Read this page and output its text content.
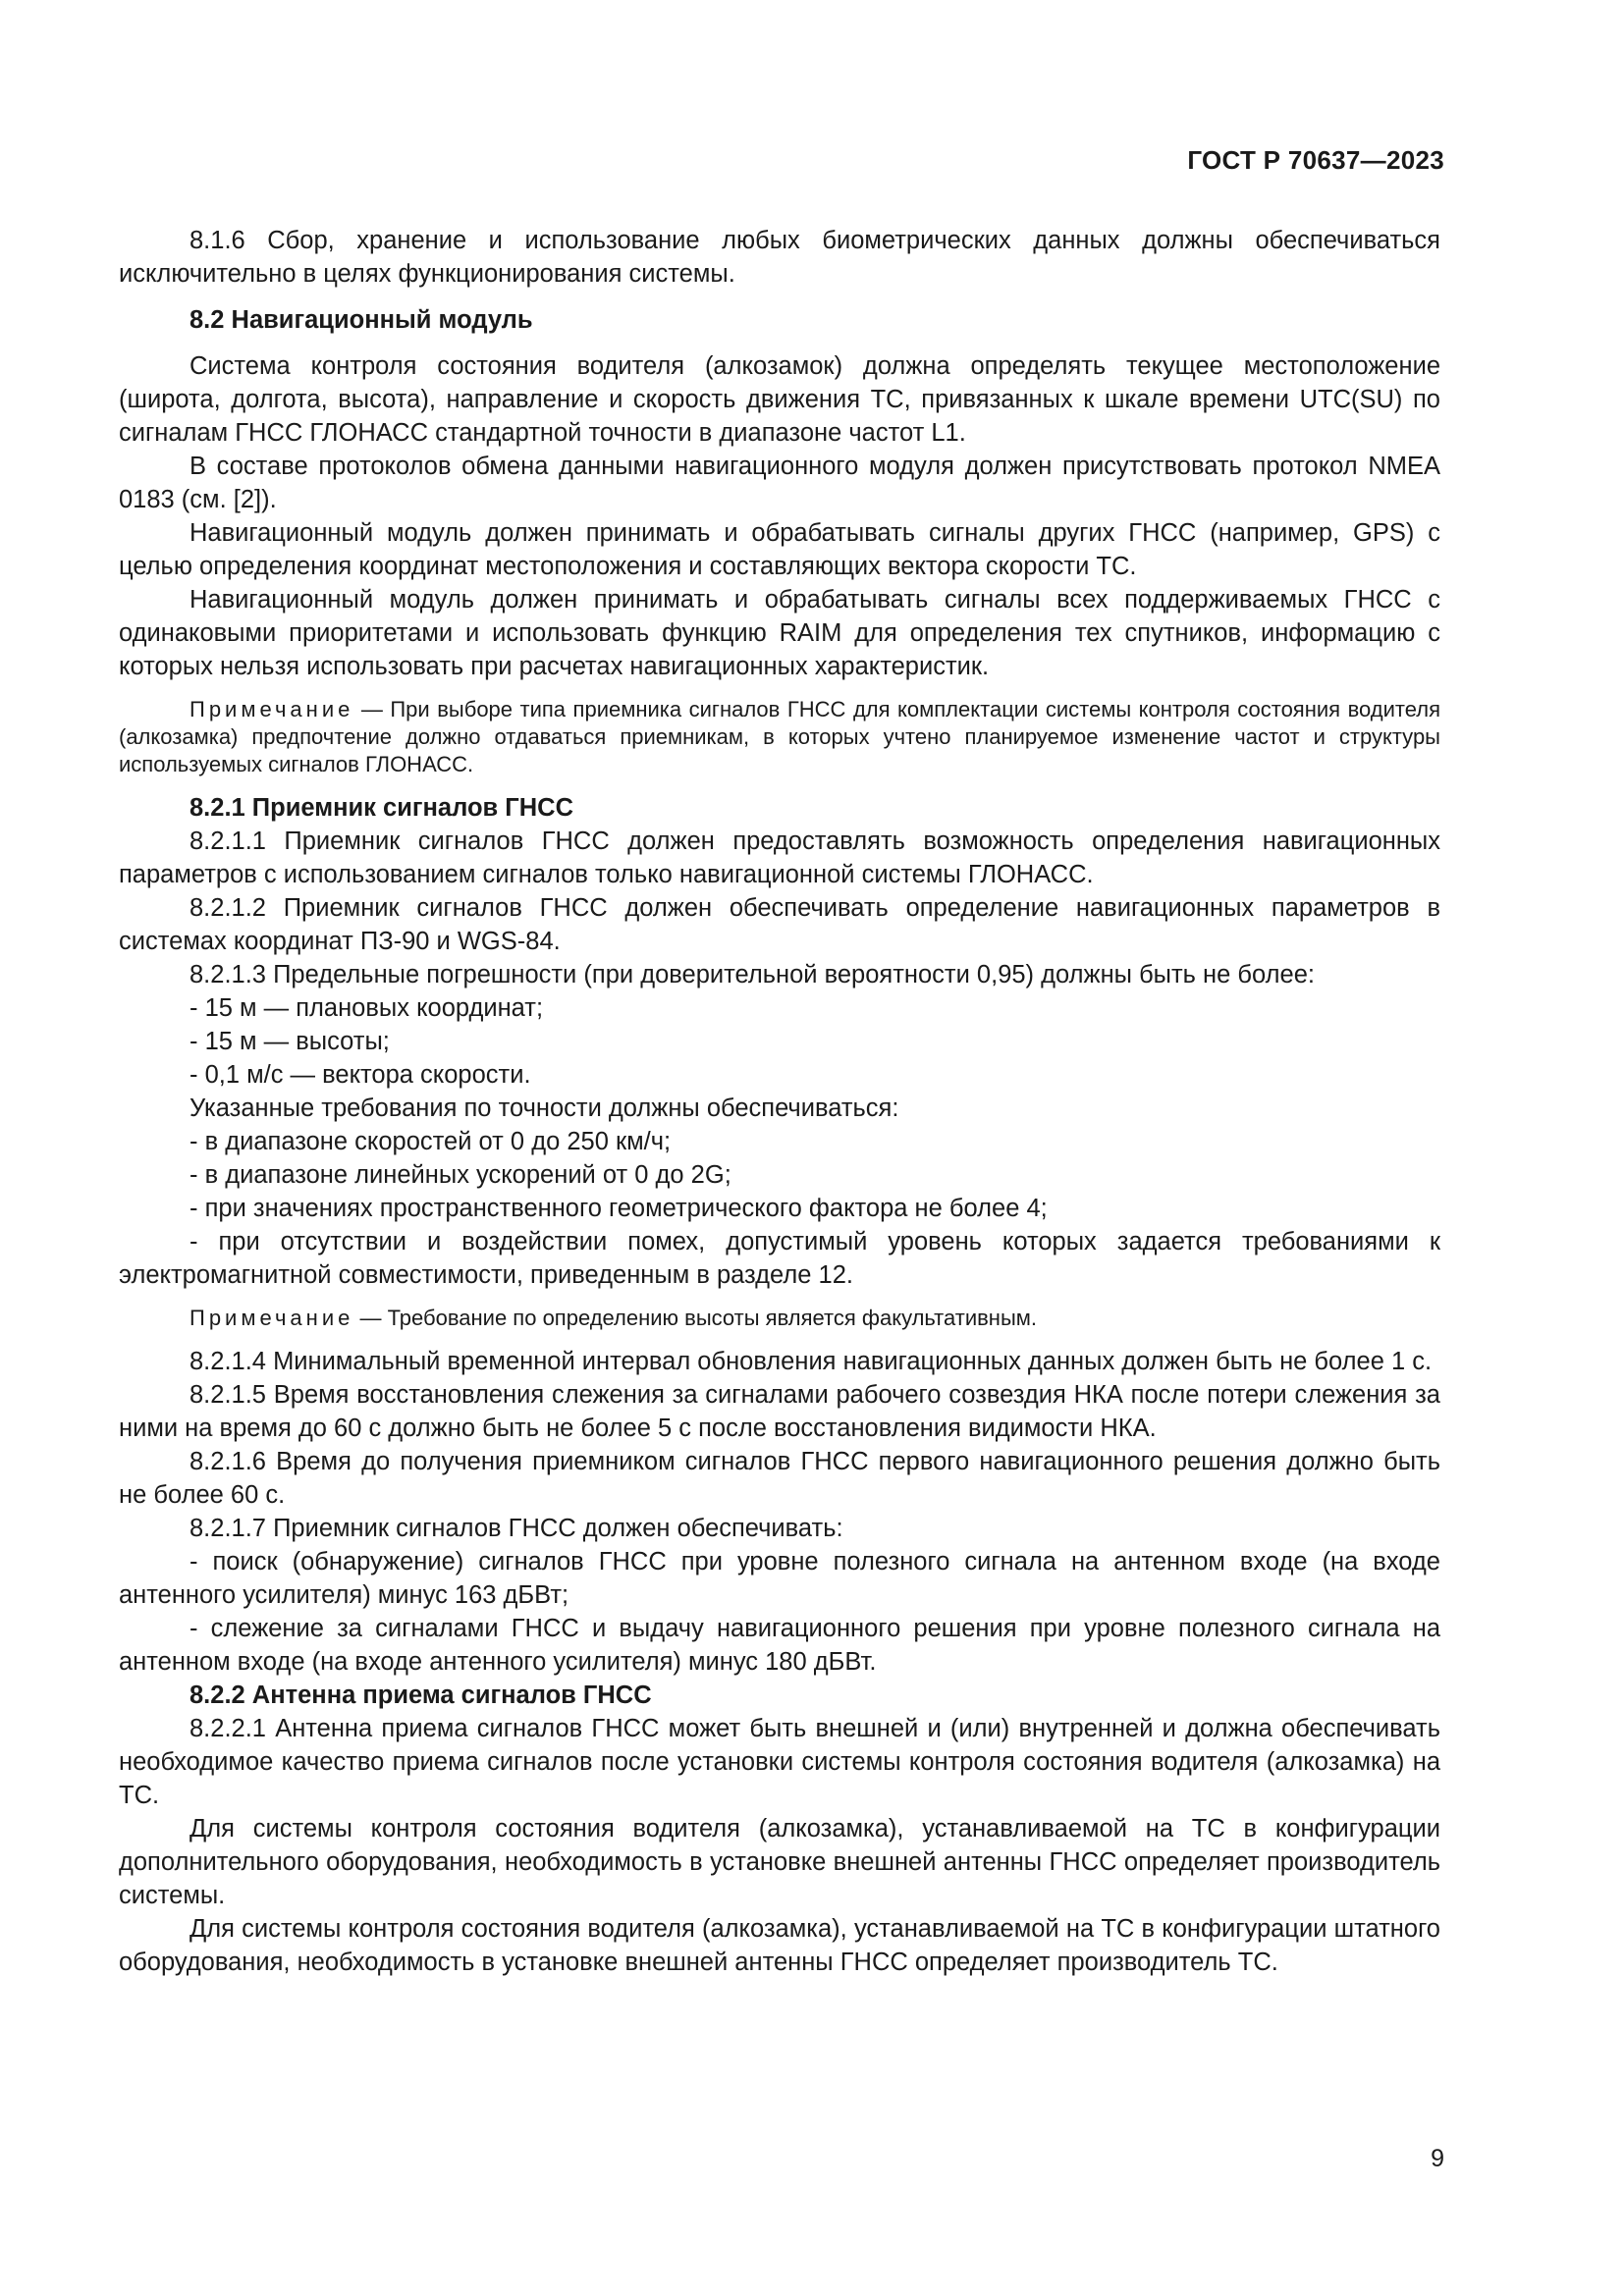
ГОСТ Р 70637—2023

8.1.6 Сбор, хранение и использование любых биометрических данных должны обеспечиваться исключительно в целях функционирования системы.

8.2 Навигационный модуль

Система контроля состояния водителя (алкозамок) должна определять текущее местоположение (широта, долгота, высота), направление и скорость движения ТС, привязанных к шкале времени UTC(SU) по сигналам ГНСС ГЛОНАСС стандартной точности в диапазоне частот L1.

В составе протоколов обмена данными навигационного модуля должен присутствовать протокол NMEA 0183 (см. [2]).

Навигационный модуль должен принимать и обрабатывать сигналы других ГНСС (например, GPS) с целью определения координат местоположения и составляющих вектора скорости ТС.

Навигационный модуль должен принимать и обрабатывать сигналы всех поддерживаемых ГНСС с одинаковыми приоритетами и использовать функцию RAIM для определения тех спутников, информацию с которых нельзя использовать при расчетах навигационных характеристик.

Примечание — При выборе типа приемника сигналов ГНСС для комплектации системы контроля состояния водителя (алкозамка) предпочтение должно отдаваться приемникам, в которых учтено планируемое изменение частот и структуры используемых сигналов ГЛОНАСС.

8.2.1 Приемник сигналов ГНСС

8.2.1.1 Приемник сигналов ГНСС должен предоставлять возможность определения навигационных параметров с использованием сигналов только навигационной системы ГЛОНАСС.

8.2.1.2 Приемник сигналов ГНСС должен обеспечивать определение навигационных параметров в системах координат ПЗ-90 и WGS-84.

8.2.1.3 Предельные погрешности (при доверительной вероятности 0,95) должны быть не более:

- 15 м — плановых координат;

- 15 м — высоты;

- 0,1 м/с — вектора скорости.

Указанные требования по точности должны обеспечиваться:

- в диапазоне скоростей от 0 до 250 км/ч;

- в диапазоне линейных ускорений от 0 до 2G;

- при значениях пространственного геометрического фактора не более 4;

- при отсутствии и воздействии помех, допустимый уровень которых задается требованиями к электромагнитной совместимости, приведенным в разделе 12.

Примечание — Требование по определению высоты является факультативным.

8.2.1.4 Минимальный временной интервал обновления навигационных данных должен быть не более 1 с.

8.2.1.5 Время восстановления слежения за сигналами рабочего созвездия НКА после потери слежения за ними на время до 60 с должно быть не более 5 с после восстановления видимости НКА.

8.2.1.6 Время до получения приемником сигналов ГНСС первого навигационного решения должно быть не более 60 с.

8.2.1.7 Приемник сигналов ГНСС должен обеспечивать:

- поиск (обнаружение) сигналов ГНСС при уровне полезного сигнала на антенном входе (на входе антенного усилителя) минус 163 дБВт;

- слежение за сигналами ГНСС и выдачу навигационного решения при уровне полезного сигнала на антенном входе (на входе антенного усилителя) минус 180 дБВт.

8.2.2 Антенна приема сигналов ГНСС

8.2.2.1 Антенна приема сигналов ГНСС может быть внешней и (или) внутренней и должна обеспечивать необходимое качество приема сигналов после установки системы контроля состояния водителя (алкозамка) на ТС.

Для системы контроля состояния водителя (алкозамка), устанавливаемой на ТС в конфигурации дополнительного оборудования, необходимость в установке внешней антенны ГНСС определяет производитель системы.

Для системы контроля состояния водителя (алкозамка), устанавливаемой на ТС в конфигурации штатного оборудования, необходимость в установке внешней антенны ГНСС определяет производитель ТС.

9
